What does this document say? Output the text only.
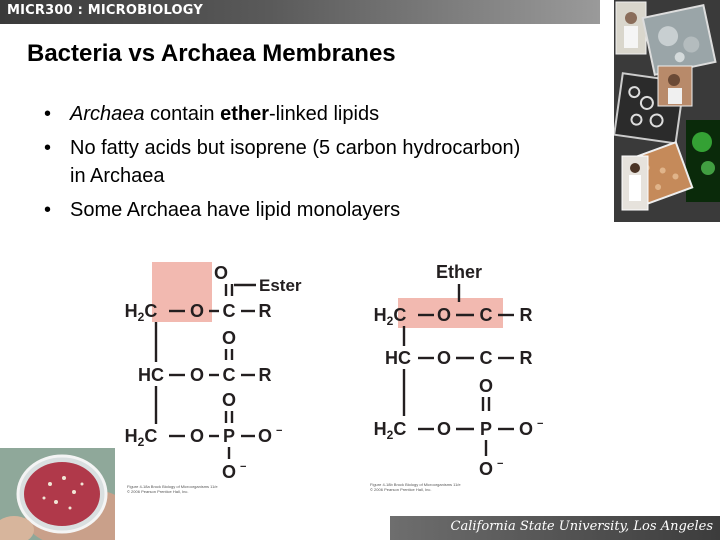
MICR300 : MICROBIOLOGY
Bacteria vs Archaea Membranes
• Archaea contain ether-linked lipids
• No fatty acids but isoprene (5 carbon hydrocarbon)
in Archaea
• Some Archaea have lipid monolayers
O
$H_2C$ O C R
O
HC O C R
O
$H_2C$ O P O
O
−
−
Ester
Figure 4-18a Brock Biology of Microorganisms 11/e
© 2006 Pearson Prentice Hall, Inc.
Ether
$H_2C$ O C R
HC O C R
O
$H_2C$ O P O
O
−
−
Figure 4-18b Brock Biology of Microorganisms 11/e
© 2006 Pearson Prentice Hall, Inc.
California State University, Los Angeles
